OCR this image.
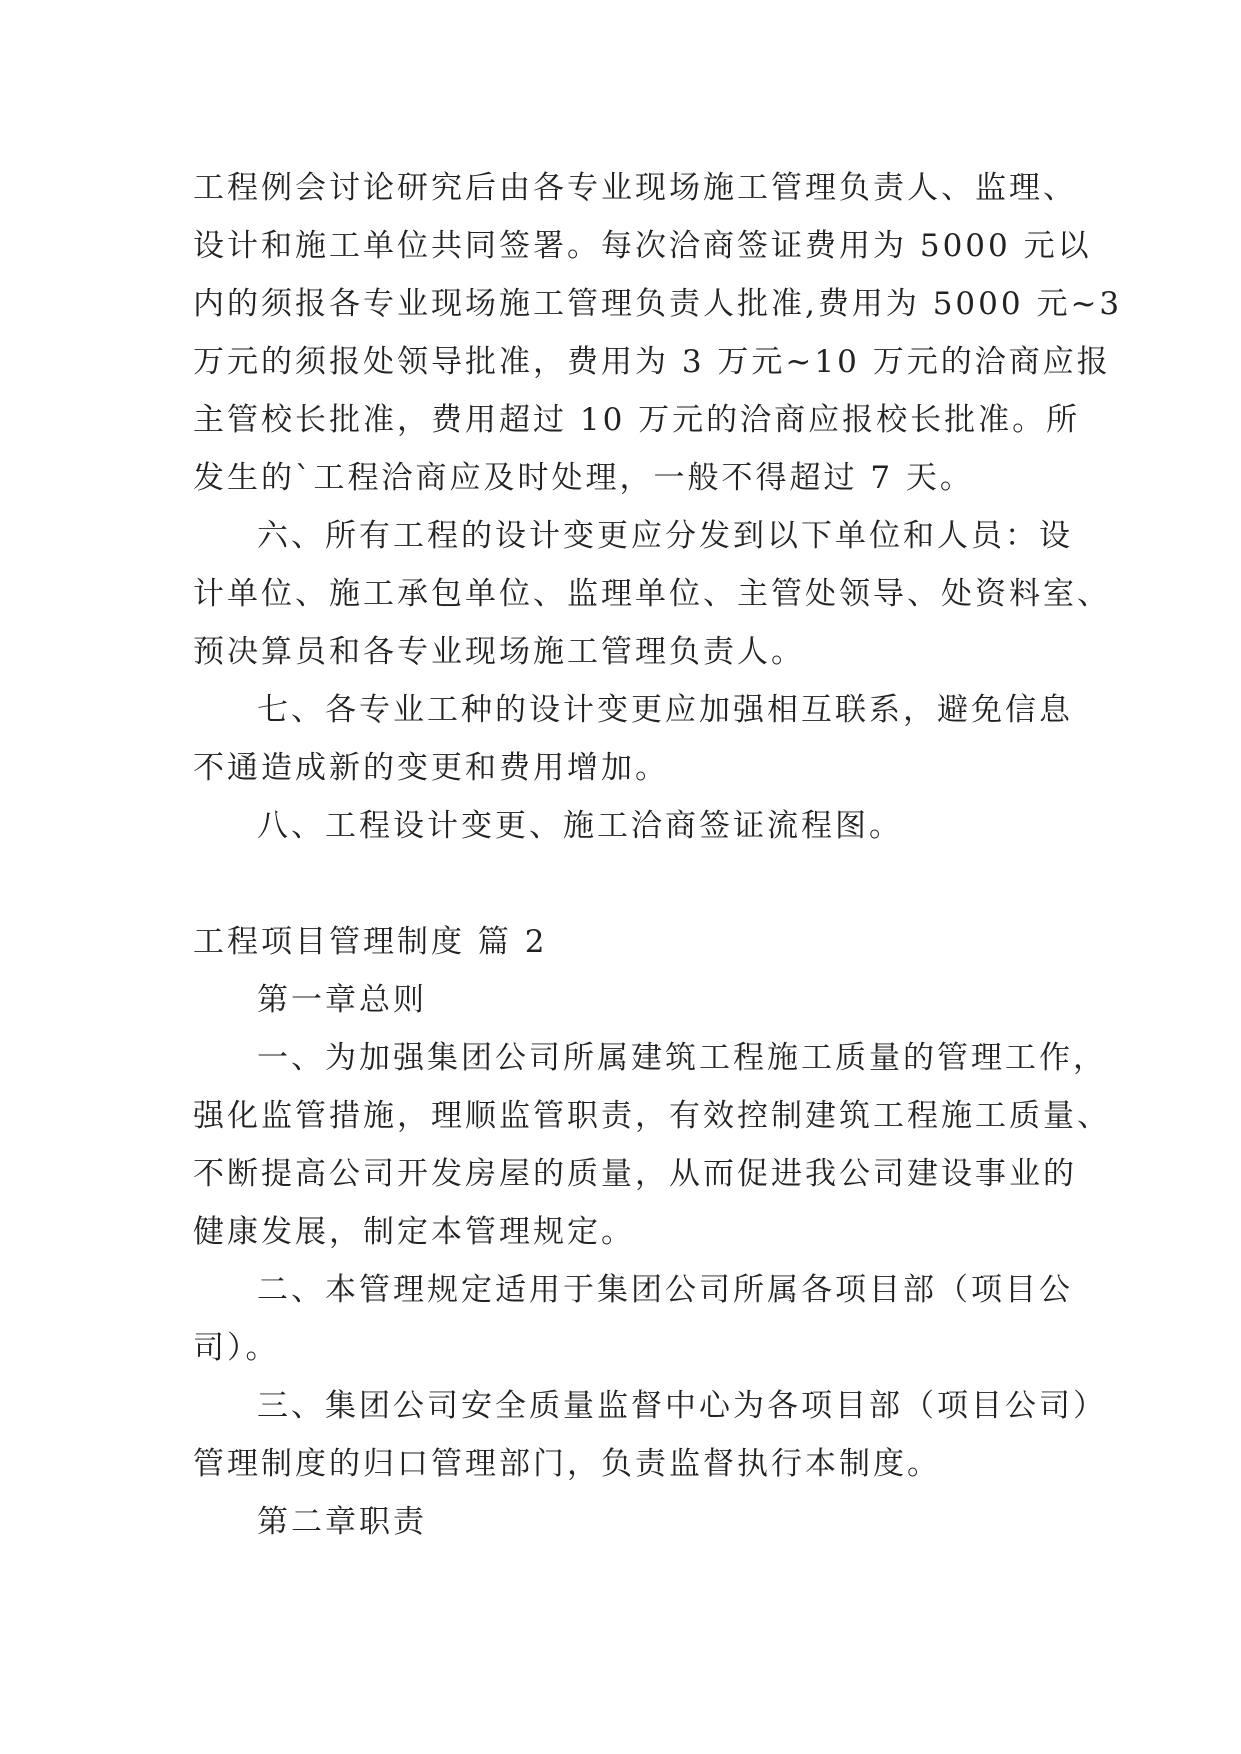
工程例会讨论研究后由各专业现场施工管理负责人、监理、
设计和施工单位共同签署。每次洽商签证费用为 5000 元以
内的须报各专业现场施工管理负责人批准,费用为 5000 元~3
万元的须报处领导批准，费用为 3 万元~10 万元的洽商应报
主管校长批准，费用超过 10 万元的洽商应报校长批准。所
发生的`工程洽商应及时处理，一般不得超过 7 天。
六、所有工程的设计变更应分发到以下单位和人员：设
计单位、施工承包单位、监理单位、主管处领导、处资料室、
预决算员和各专业现场施工管理负责人。
七、各专业工种的设计变更应加强相互联系，避免信息
不通造成新的变更和费用增加。
八、工程设计变更、施工洽商签证流程图。
工程项目管理制度 篇 2
第一章总则
一、为加强集团公司所属建筑工程施工质量的管理工作，
强化监管措施，理顺监管职责，有效控制建筑工程施工质量、
不断提高公司开发房屋的质量，从而促进我公司建设事业的
健康发展，制定本管理规定。
二、本管理规定适用于集团公司所属各项目部（项目公
司）。
三、集团公司安全质量监督中心为各项目部（项目公司）
管理制度的归口管理部门，负责监督执行本制度。
第二章职责
